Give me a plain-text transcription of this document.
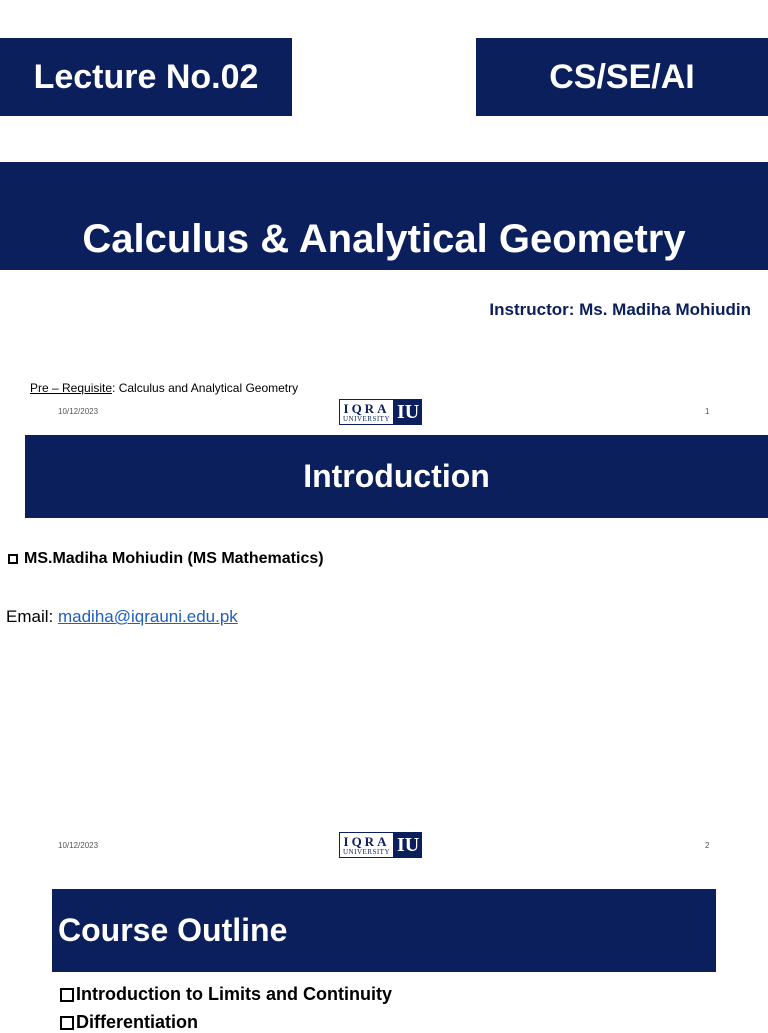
Lecture No.02	CS/SE/AI
Calculus & Analytical Geometry
Instructor: Ms. Madiha Mohiudin
Pre – Requisite: Calculus and Analytical Geometry
10/12/2023	IQRA
UNIVERSITY IU	1
Introduction
MS.Madiha Mohiudin (MS Mathematics)
Email: madiha@iqrauni.edu.pk
10/12/2023	IQRA
UNIVERSITY IU	2
Course Outline
Introduction to Limits and Continuity
Differentiation
